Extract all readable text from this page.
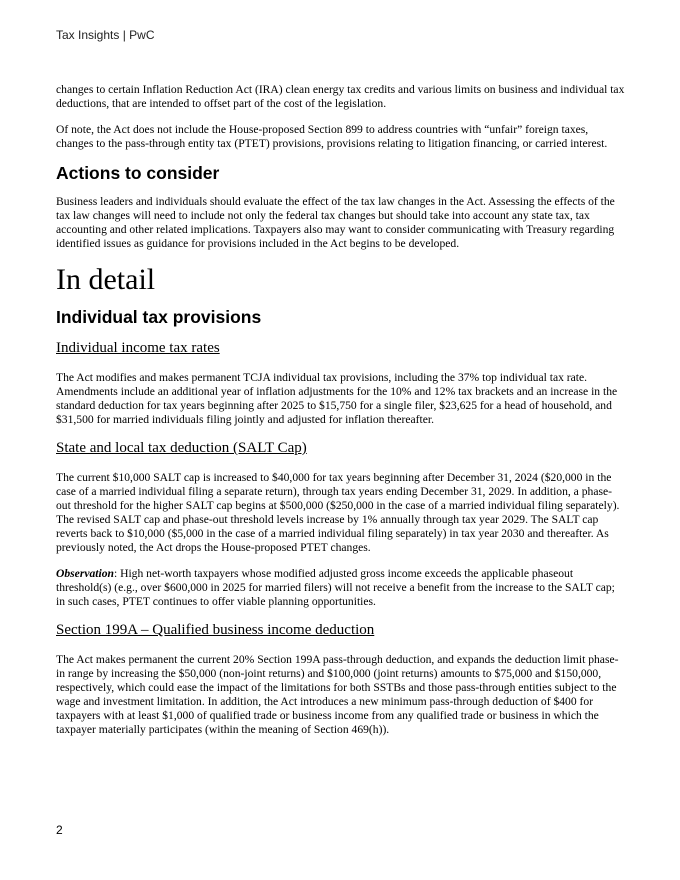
Tax Insights | PwC

changes to certain Inflation Reduction Act (IRA) clean energy tax credits and various limits on business and individual tax deductions, that are intended to offset part of the cost of the legislation.

Of note, the Act does not include the House-proposed Section 899 to address countries with “unfair” foreign taxes, changes to the pass-through entity tax (PTET) provisions, provisions relating to litigation financing, or carried interest.

Actions to consider

Business leaders and individuals should evaluate the effect of the tax law changes in the Act. Assessing the effects of the tax law changes will need to include not only the federal tax changes but should take into account any state tax, tax accounting and other related implications. Taxpayers also may want to consider communicating with Treasury regarding identified issues as guidance for provisions included in the Act begins to be developed.

In detail
Individual tax provisions
Individual income tax rates

The Act modifies and makes permanent TCJA individual tax provisions, including the 37% top individual tax rate. Amendments include an additional year of inflation adjustments for the 10% and 12% tax brackets and an increase in the standard deduction for tax years beginning after 2025 to $15,750 for a single filer, $23,625 for a head of household, and $31,500 for married individuals filing jointly and adjusted for inflation thereafter.

State and local tax deduction (SALT Cap)

The current $10,000 SALT cap is increased to $40,000 for tax years beginning after December 31, 2024 ($20,000 in the case of a married individual filing a separate return), through tax years ending December 31, 2029. In addition, a phase-out threshold for the higher SALT cap begins at $500,000 ($250,000 in the case of a married individual filing separately). The revised SALT cap and phase-out threshold levels increase by 1% annually through tax year 2029. The SALT cap reverts back to $10,000 ($5,000 in the case of a married individual filing separately) in tax year 2030 and thereafter. As previously noted, the Act drops the House-proposed PTET changes.

Observation: High net-worth taxpayers whose modified adjusted gross income exceeds the applicable phaseout threshold(s) (e.g., over $600,000 in 2025 for married filers) will not receive a benefit from the increase to the SALT cap; in such cases, PTET continues to offer viable planning opportunities.

Section 199A – Qualified business income deduction

The Act makes permanent the current 20% Section 199A pass-through deduction, and expands the deduction limit phase-in range by increasing the $50,000 (non-joint returns) and $100,000 (joint returns) amounts to $75,000 and $150,000, respectively, which could ease the impact of the limitations for both SSTBs and those pass-through entities subject to the wage and investment limitation. In addition, the Act introduces a new minimum pass-through deduction of $400 for taxpayers with at least $1,000 of qualified trade or business income from any qualified trade or business in which the taxpayer materially participates (within the meaning of Section 469(h)).

2
